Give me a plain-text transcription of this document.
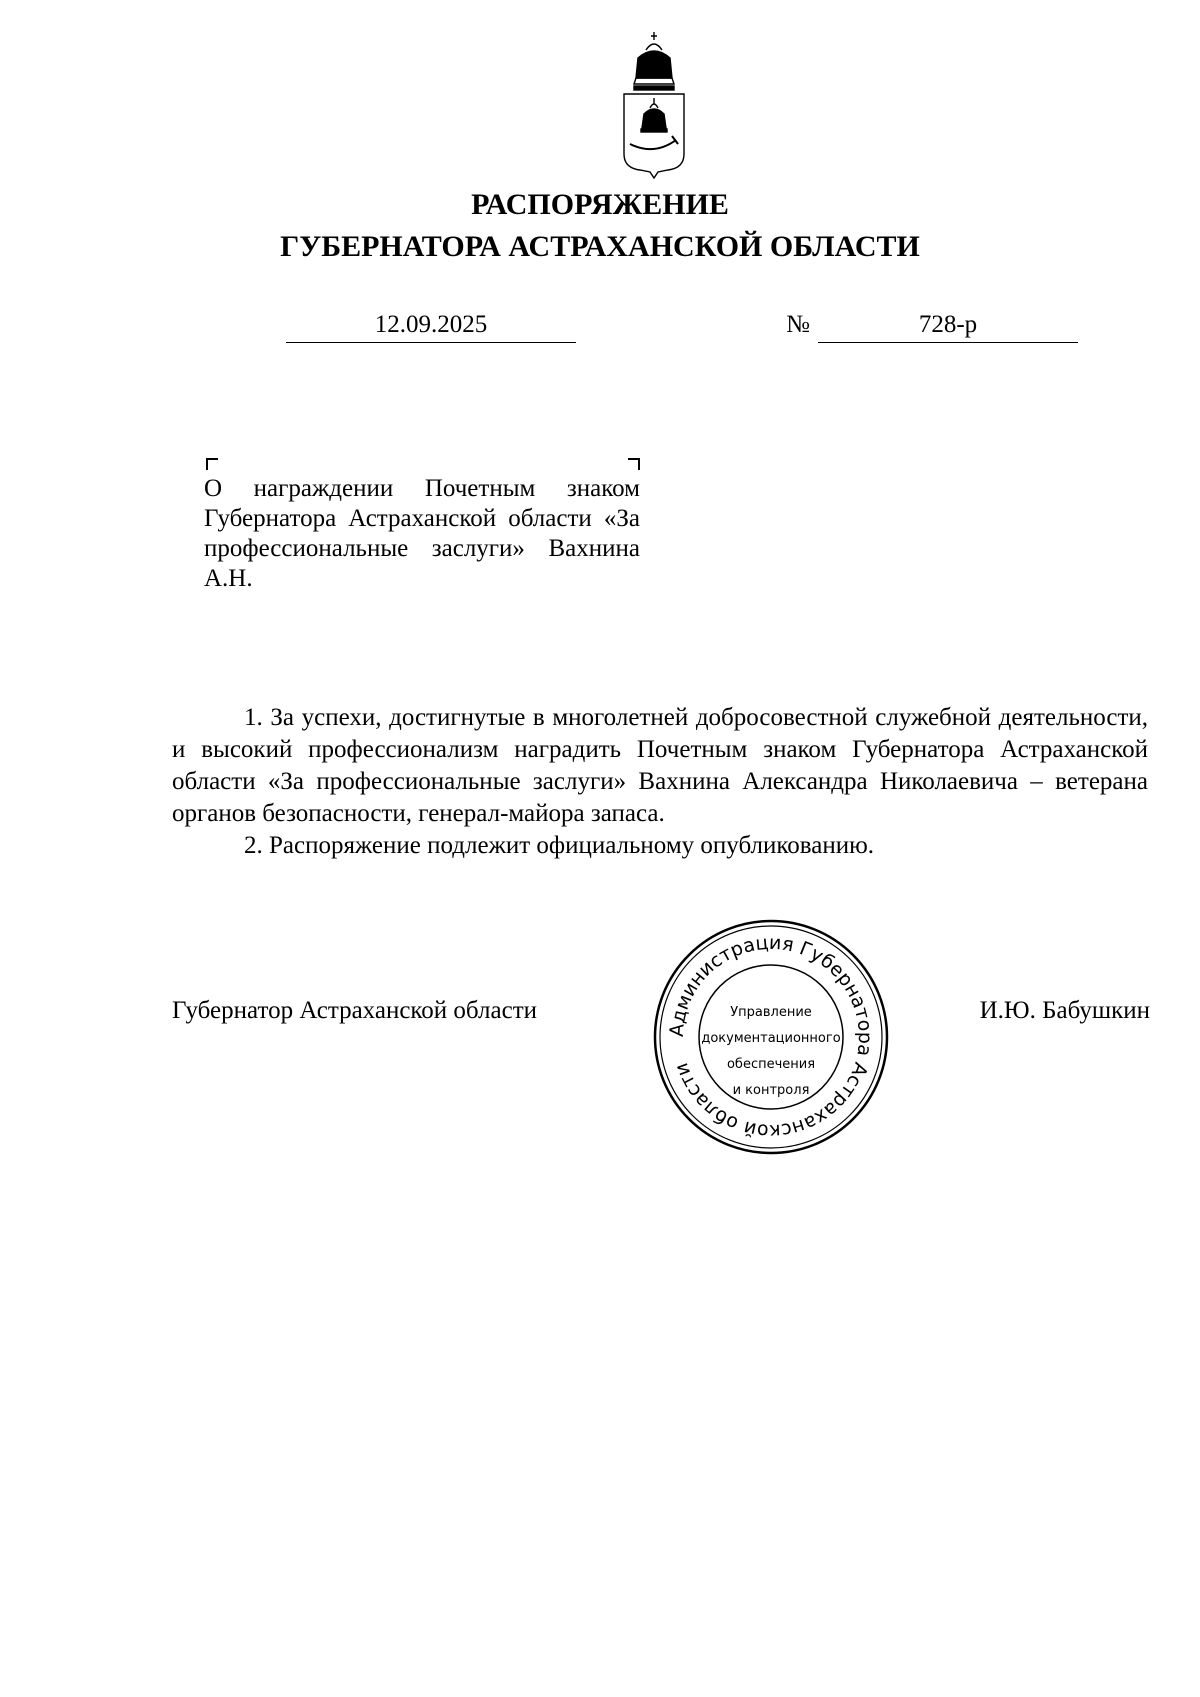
РАСПОРЯЖЕНИЕ
ГУБЕРНАТОРА АСТРАХАНСКОЙ ОБЛАСТИ
12.09.2025	№	728-р

О награждении Почетным знаком Губернатора Астраханской области «За профессиональные заслуги» Вахнина А.Н.

1. За успехи, достигнутые в многолетней добросовестной служебной деятельности, и высокий профессионализм наградить Почетным знаком Губернатора Астраханской области «За профессиональные заслуги» Вахнина Александра Николаевича – ветерана органов безопасности, генерал-майора запаса.

2. Распоряжение подлежит официальному опубликованию.

Губернатор Астраханской области	И.Ю. Бабушкин
Администрация Губернатора Астраханской области
Управление
документационного
обеспечения
и контроля
